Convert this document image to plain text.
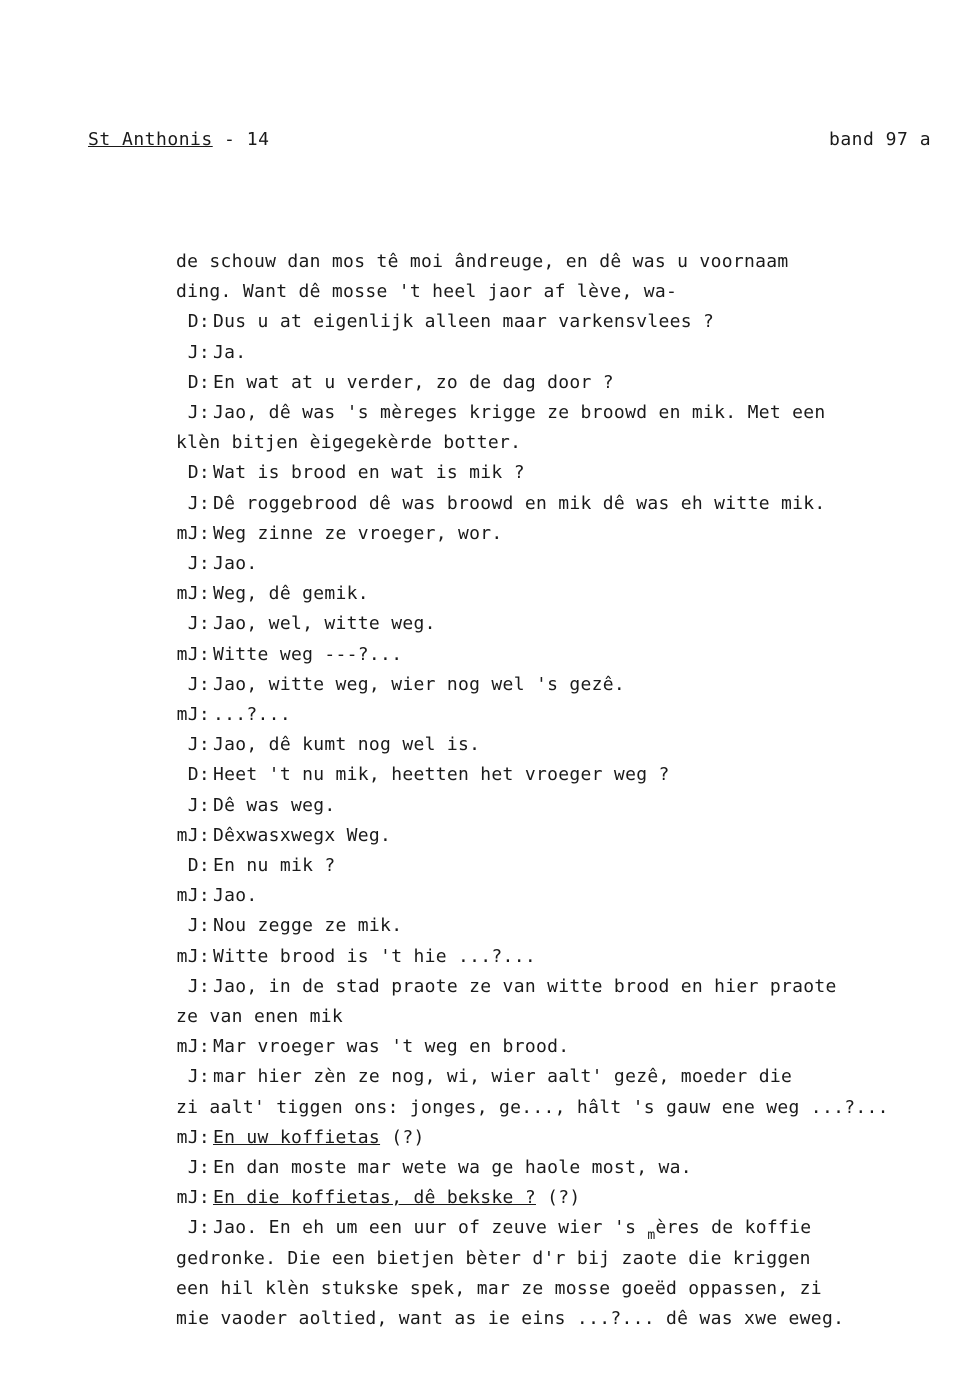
St Anthonis - 14	band 97 a
de schouw dan mos tê moi ândreuge, en dê was u voornaam
ding. Want dê mosse 't heel jaor af lève, wa-
D: Dus u at eigenlijk alleen maar varkensvlees ?
J: Ja.
D: En wat at u verder, zo de dag door ?
J: Jao, dê was 's mèreges krigge ze broowd en mik. Met een
klèn bitjen èigegekèrde botter.
D: Wat is brood en wat is mik ?
J: Dê roggebrood dê was broowd en mik dê was eh witte mik.
mJ: Weg zinne ze vroeger, wor.
J: Jao.
mJ: Weg, dê gemik.
J: Jao, wel, witte weg.
mJ: Witte weg ---?...
J: Jao, witte weg, wier nog wel 's gezê.
mJ: ...?...
J: Jao, dê kumt nog wel is.
D: Heet 't nu mik, heetten het vroeger weg ?
J: Dê was weg.
mJ: Dêxwasxwegx Weg.
D: En nu mik ?
mJ: Jao.
J: Nou zegge ze mik.
mJ: Witte brood is 't hie ...?...
J: Jao, in de stad praote ze van witte brood en hier praote
ze van enen mik
mJ: Mar vroeger was 't weg en brood.
J: mar hier zèn ze nog, wi, wier aalt' gezê, moeder die
zi aalt' tiggen ons: jonges, ge..., hâlt 's gauw ene weg ...?...
mJ: En uw koffietas (?)
J: En dan moste mar wete wa ge haole most, wa.
mJ: En die koffietas, dê bekske ? (?)
J: Jao. En eh um een uur of zeuve wier 's $_m$ères de koffie
gedronke. Die een bietjen bèter d'r bij zaote die kriggen
een hil klèn stukske spek, mar ze mosse goeëd oppassen, zi
mie vaoder aoltied, want as ie eins ...?... dê was xwe eweg.
